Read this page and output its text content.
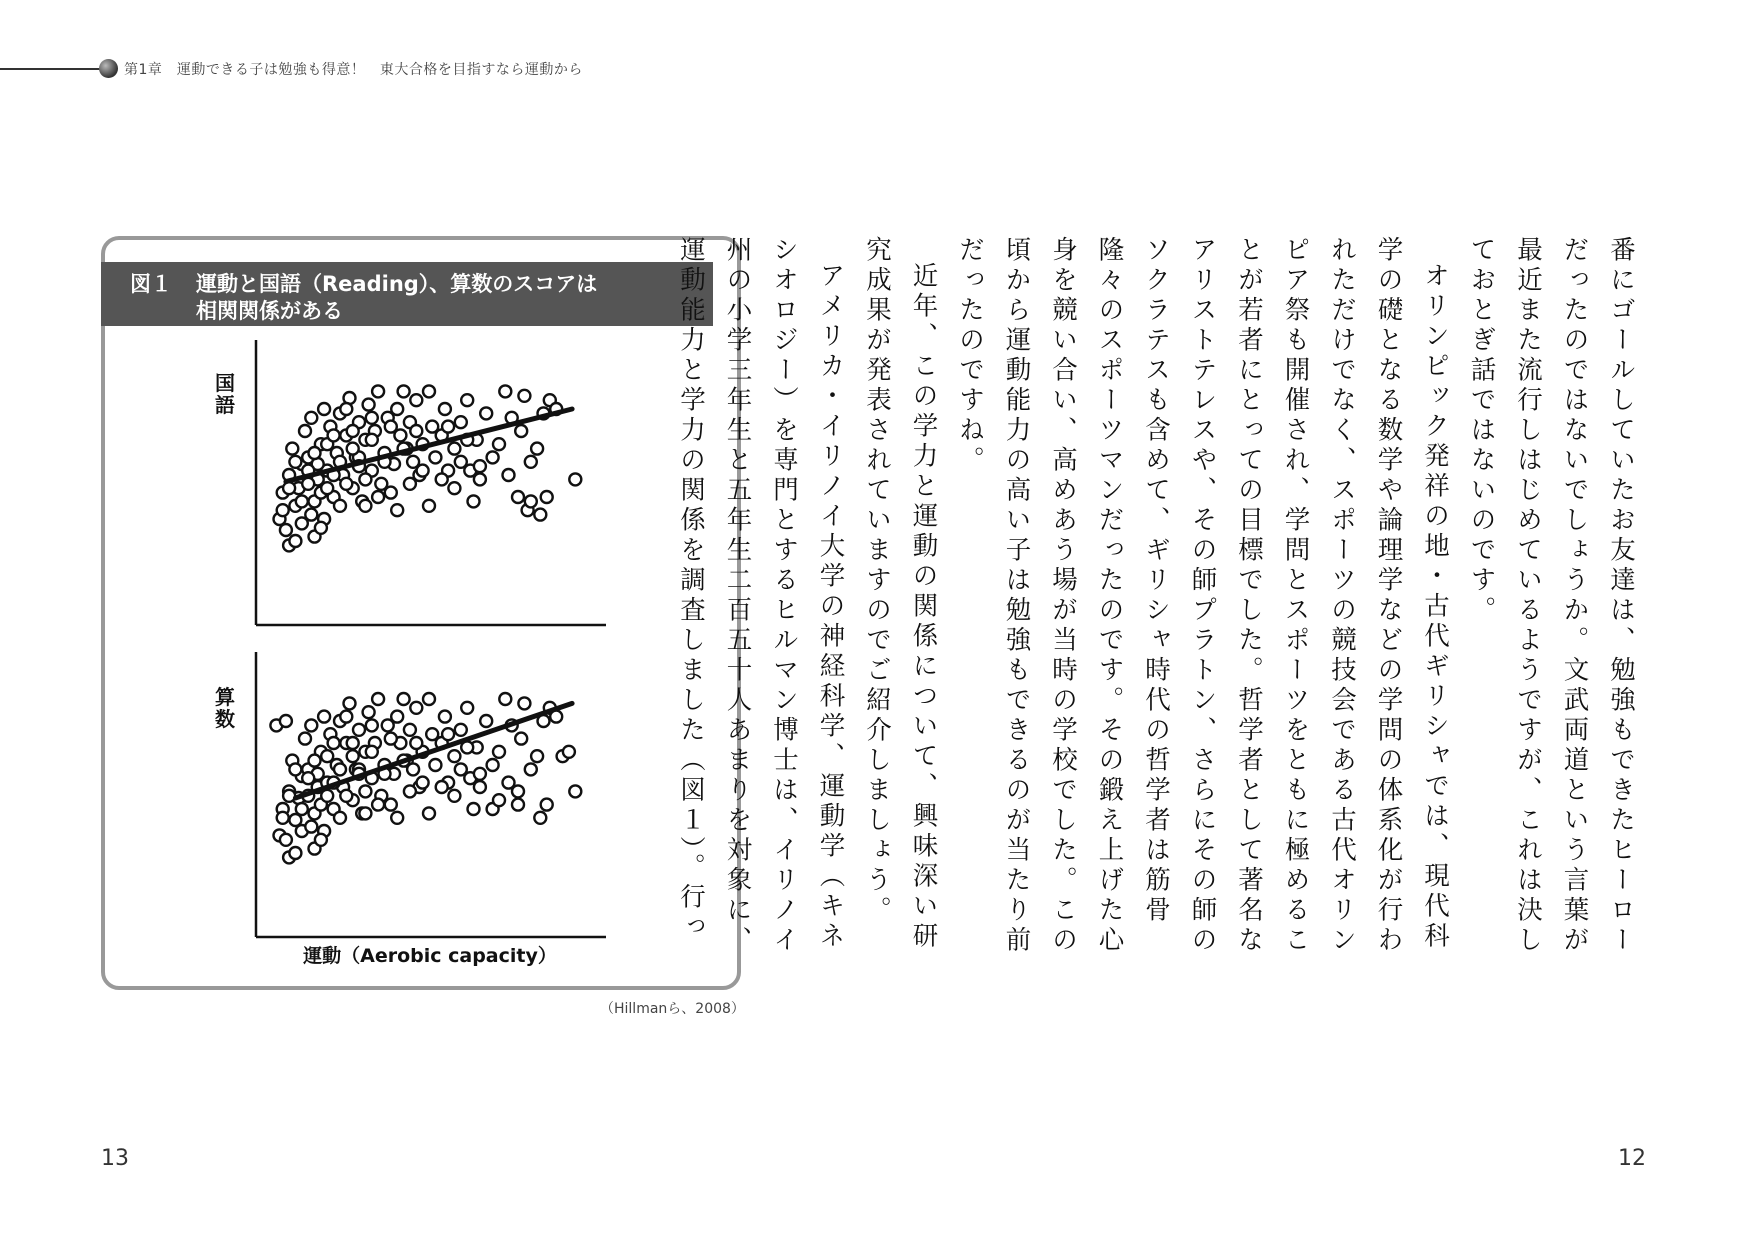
第1章　運動できる子は勉強も得意！　東大合格を目指すなら運動から
図１ 運動と国語（Reading）、算数のスコアは
相関関係がある
国語
算数
運動（Aerobic capacity）
（Hillmanら、2008）

番にゴールしていたお友達は、勉強もできたヒーローだったのではないでしょうか。文武両道という言葉が最近また流行しはじめているようですが、これは決しておとぎ話ではないのです。

オリンピック発祥の地・古代ギリシャでは、現代科学の礎となる数学や論理学などの学問の体系化が行われただけでなく、スポーツの競技会である古代オリンピア祭も開催され、学問とスポーツをともに極めることが若者にとっての目標でした。哲学者として著名なアリストテレスや、その師プラトン、さらにその師のソクラテスも含めて、ギリシャ時代の哲学者は筋骨隆々のスポーツマンだったのです。その鍛え上げた心身を競い合い、高めあう場が当時の学校でした。この頃から運動能力の高い子は勉強もできるのが当たり前だったのですね。

近年、この学力と運動の関係について、興味深い研究成果が発表されていますのでご紹介しましょう。

アメリカ・イリノイ大学の神経科学、運動学（キネシオロジー）を専門とするヒルマン博士は、イリノイ州の小学三年生と五年生二百五十人あまりを対象に、運動能力と学力の関係を調査しました（図１）。行っ

13	12
